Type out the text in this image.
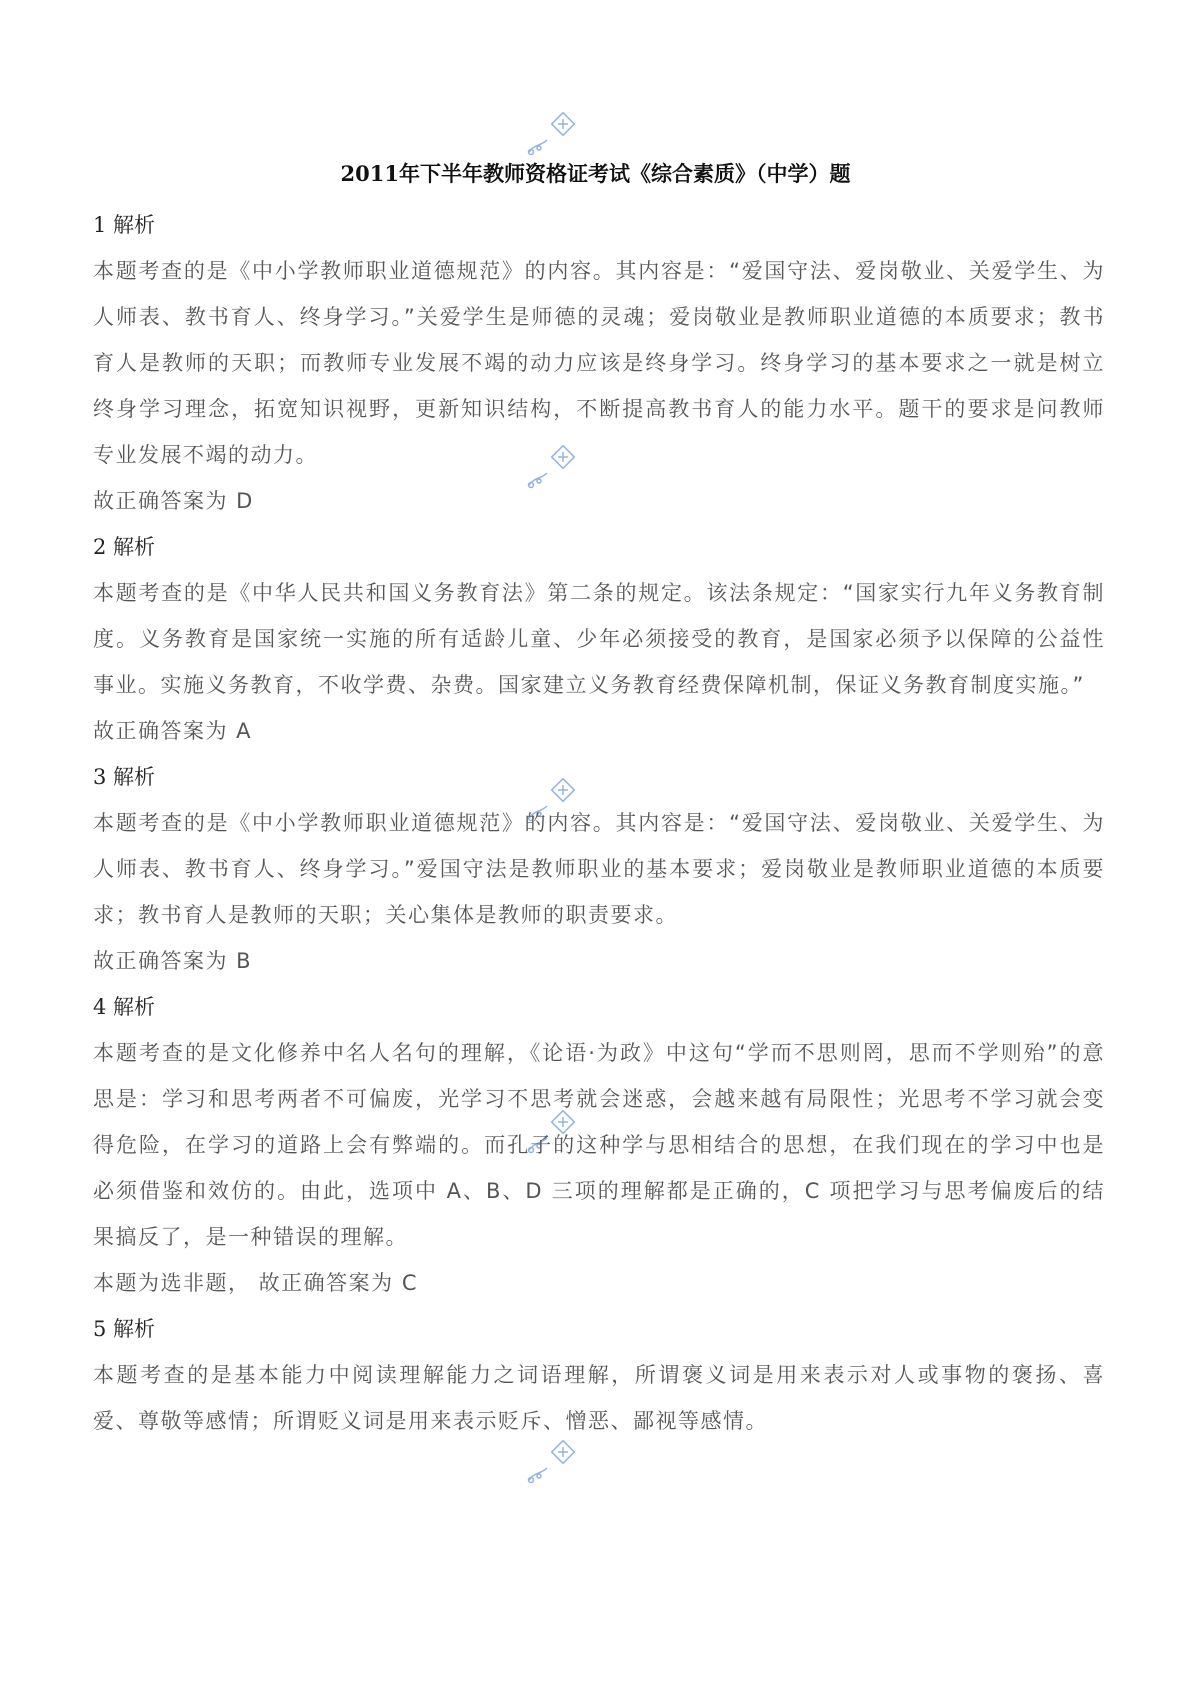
2011年下半年教师资格证考试《综合素质》（中学）题
1 解析

本题考查的是《中小学教师职业道德规范》的内容。其内容是：“爱国守法、爱岗敬业、关爱学生、为人师表、教书育人、终身学习。”关爱学生是师德的灵魂；爱岗敬业是教师职业道德的本质要求；教书育人是教师的天职；而教师专业发展不竭的动力应该是终身学习。终身学习的基本要求之一就是树立终身学习理念，拓宽知识视野，更新知识结构，不断提高教书育人的能力水平。题干的要求是问教师专业发展不竭的动力。

故正确答案为 D
2 解析

本题考查的是《中华人民共和国义务教育法》第二条的规定。该法条规定：“国家实行九年义务教育制度。义务教育是国家统一实施的所有适龄儿童、少年必须接受的教育，是国家必须予以保障的公益性事业。实施义务教育，不收学费、杂费。国家建立义务教育经费保障机制，保证义务教育制度实施。”

故正确答案为 A
3 解析

本题考查的是《中小学教师职业道德规范》的内容。其内容是：“爱国守法、爱岗敬业、关爱学生、为人师表、教书育人、终身学习。”爱国守法是教师职业的基本要求；爱岗敬业是教师职业道德的本质要求；教书育人是教师的天职；关心集体是教师的职责要求。

故正确答案为 B
4 解析

本题考查的是文化修养中名人名句的理解，《论语·为政》中这句“学而不思则罔，思而不学则殆”的意思是：学习和思考两者不可偏废，光学习不思考就会迷惑，会越来越有局限性；光思考不学习就会变得危险，在学习的道路上会有弊端的。而孔子的这种学与思相结合的思想，在我们现在的学习中也是必须借鉴和效仿的。由此，选项中 A、B、D 三项的理解都是正确的，C 项把学习与思考偏废后的结果搞反了，是一种错误的理解。

本题为选非题， 故正确答案为 C
5 解析

本题考查的是基本能力中阅读理解能力之词语理解，所谓褒义词是用来表示对人或事物的褒扬、喜爱、尊敬等感情；所谓贬义词是用来表示贬斥、憎恶、鄙视等感情。
